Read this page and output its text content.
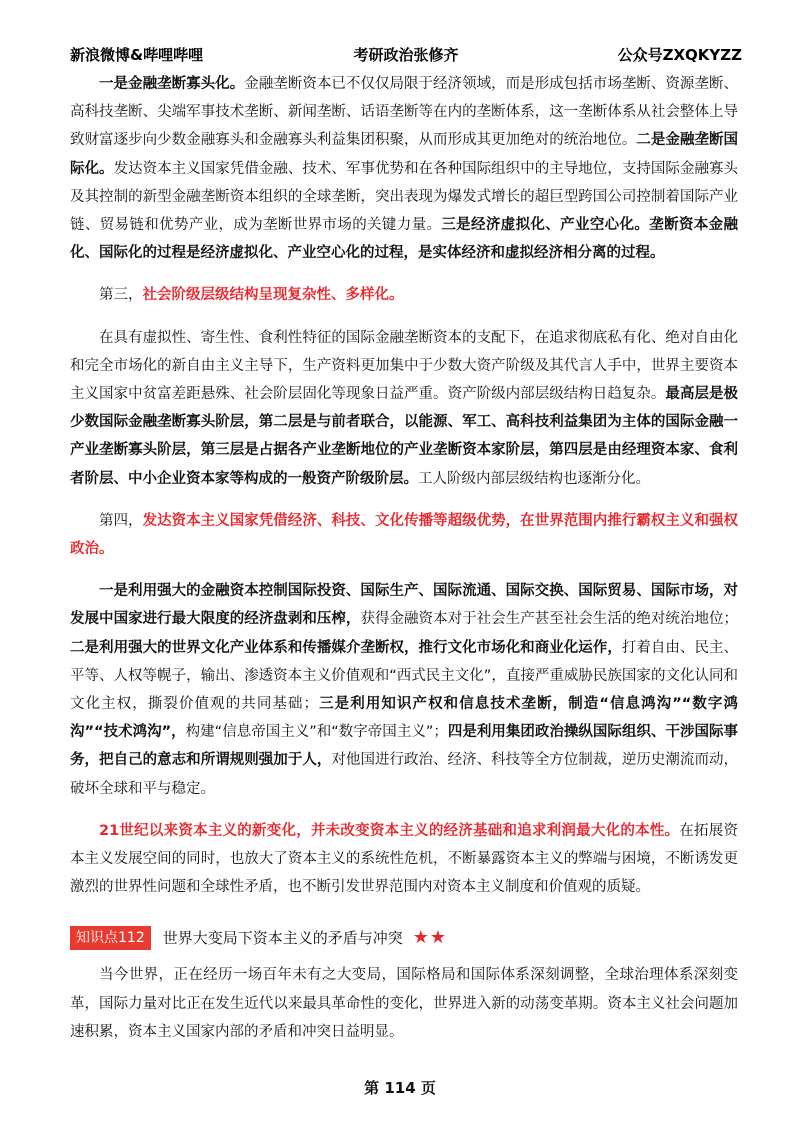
新浪微博&哔哩哔哩	考研政治张修齐	公众号ZXQKYZZ

一是金融垄断寡头化。金融垄断资本已不仅仅局限于经济领域，而是形成包括市场垄断、资源垄断、高科技垄断、尖端军事技术垄断、新闻垄断、话语垄断等在内的垄断体系，这一垄断体系从社会整体上导致财富逐步向少数金融寡头和金融寡头利益集团积聚，从而形成其更加绝对的统治地位。二是金融垄断国际化。发达资本主义国家凭借金融、技术、军事优势和在各种国际组织中的主导地位，支持国际金融寡头及其控制的新型金融垄断资本组织的全球垄断，突出表现为爆发式增长的超巨型跨国公司控制着国际产业链、贸易链和优势产业，成为垄断世界市场的关键力量。三是经济虚拟化、产业空心化。垄断资本金融化、国际化的过程是经济虚拟化、产业空心化的过程，是实体经济和虚拟经济相分离的过程。

第三，社会阶级层级结构呈现复杂性、多样化。

在具有虚拟性、寄生性、食利性特征的国际金融垄断资本的支配下，在追求彻底私有化、绝对自由化和完全市场化的新自由主义主导下，生产资料更加集中于少数大资产阶级及其代言人手中，世界主要资本主义国家中贫富差距悬殊、社会阶层固化等现象日益严重。资产阶级内部层级结构日趋复杂。最高层是极少数国际金融垄断寡头阶层，第二层是与前者联合，以能源、军工、高科技利益集团为主体的国际金融一产业垄断寡头阶层，第三层是占据各产业垄断地位的产业垄断资本家阶层，第四层是由经理资本家、食利者阶层、中小企业资本家等构成的一般资产阶级阶层。工人阶级内部层级结构也逐渐分化。

第四，发达资本主义国家凭借经济、科技、文化传播等超级优势，在世界范围内推行霸权主义和强权政治。

一是利用强大的金融资本控制国际投资、国际生产、国际流通、国际交换、国际贸易、国际市场，对发展中国家进行最大限度的经济盘剥和压榨，获得金融资本对于社会生产甚至社会生活的绝对统治地位；二是利用强大的世界文化产业体系和传播媒介垄断权，推行文化市场化和商业化运作，打着自由、民主、平等、人权等幌子，输出、渗透资本主义价值观和“西式民主文化”，直接严重威胁民族国家的文化认同和文化主权，撕裂价值观的共同基础；三是利用知识产权和信息技术垄断，制造“信息鸿沟”“数字鸿沟”“技术鸿沟”，构建“信息帝国主义”和“数字帝国主义”；四是利用集团政治操纵国际组织、干涉国际事务，把自己的意志和所谓规则强加于人，对他国进行政治、经济、科技等全方位制裁，逆历史潮流而动，破坏全球和平与稳定。

21世纪以来资本主义的新变化，并未改变资本主义的经济基础和追求利润最大化的本性。在拓展资本主义发展空间的同时，也放大了资本主义的系统性危机，不断暴露资本主义的弊端与困境，不断诱发更激烈的世界性问题和全球性矛盾，也不断引发世界范围内对资本主义制度和价值观的质疑。

知识点112	世界大变局下资本主义的矛盾与冲突 ★★

当今世界，正在经历一场百年未有之大变局，国际格局和国际体系深刻调整，全球治理体系深刻变革，国际力量对比正在发生近代以来最具革命性的变化，世界进入新的动荡变革期。资本主义社会问题加速积累，资本主义国家内部的矛盾和冲突日益明显。

第 114 页
